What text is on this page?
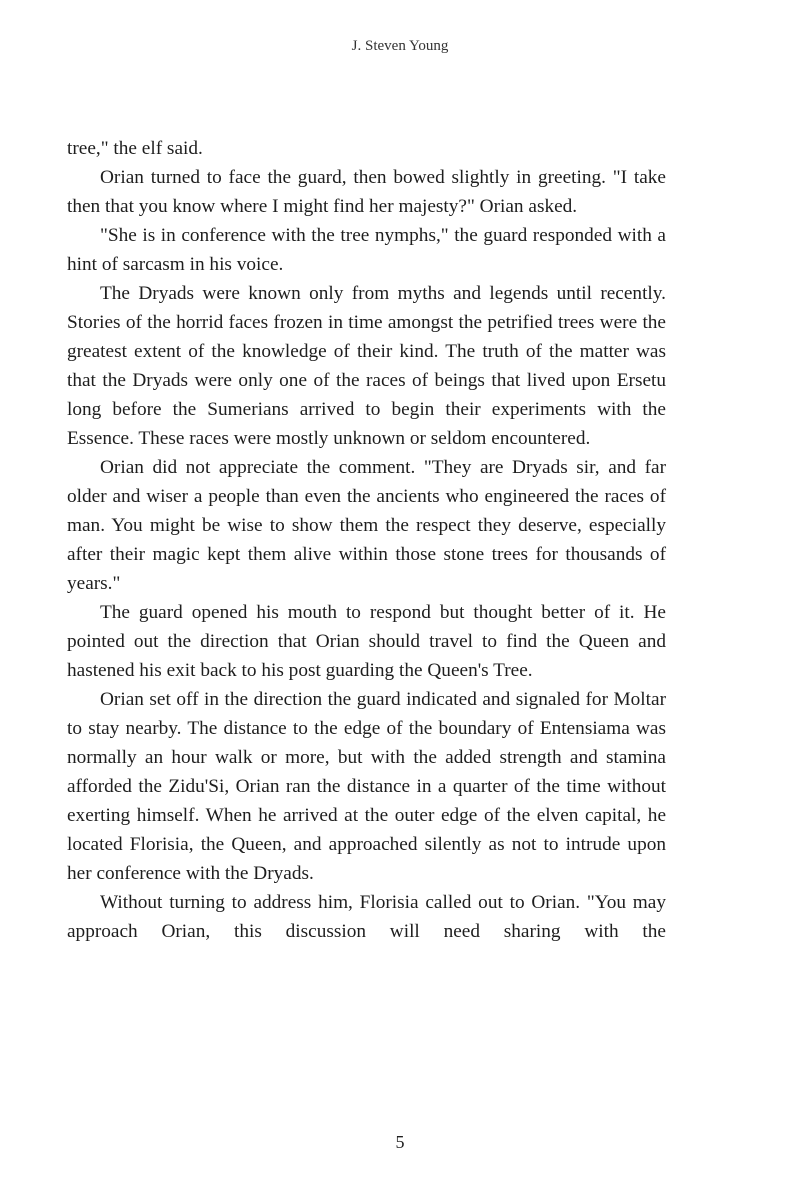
J. Steven Young

tree," the elf said.

Orian turned to face the guard, then bowed slightly in greeting. "I take then that you know where I might find her majesty?" Orian asked.

"She is in conference with the tree nymphs," the guard responded with a hint of sarcasm in his voice.

The Dryads were known only from myths and legends until recently. Stories of the horrid faces frozen in time amongst the petrified trees were the greatest extent of the knowledge of their kind. The truth of the matter was that the Dryads were only one of the races of beings that lived upon Ersetu long before the Sumerians arrived to begin their experiments with the Essence. These races were mostly unknown or seldom encountered.

Orian did not appreciate the comment. "They are Dryads sir, and far older and wiser a people than even the ancients who engineered the races of man. You might be wise to show them the respect they deserve, especially after their magic kept them alive within those stone trees for thousands of years."

The guard opened his mouth to respond but thought better of it. He pointed out the direction that Orian should travel to find the Queen and hastened his exit back to his post guarding the Queen's Tree.

Orian set off in the direction the guard indicated and signaled for Moltar to stay nearby. The distance to the edge of the boundary of Entensiama was normally an hour walk or more, but with the added strength and stamina afforded the Zidu'Si, Orian ran the distance in a quarter of the time without exerting himself. When he arrived at the outer edge of the elven capital, he located Florisia, the Queen, and approached silently as not to intrude upon her conference with the Dryads.

Without turning to address him, Florisia called out to Orian. "You may approach Orian, this discussion will need sharing with the

5
